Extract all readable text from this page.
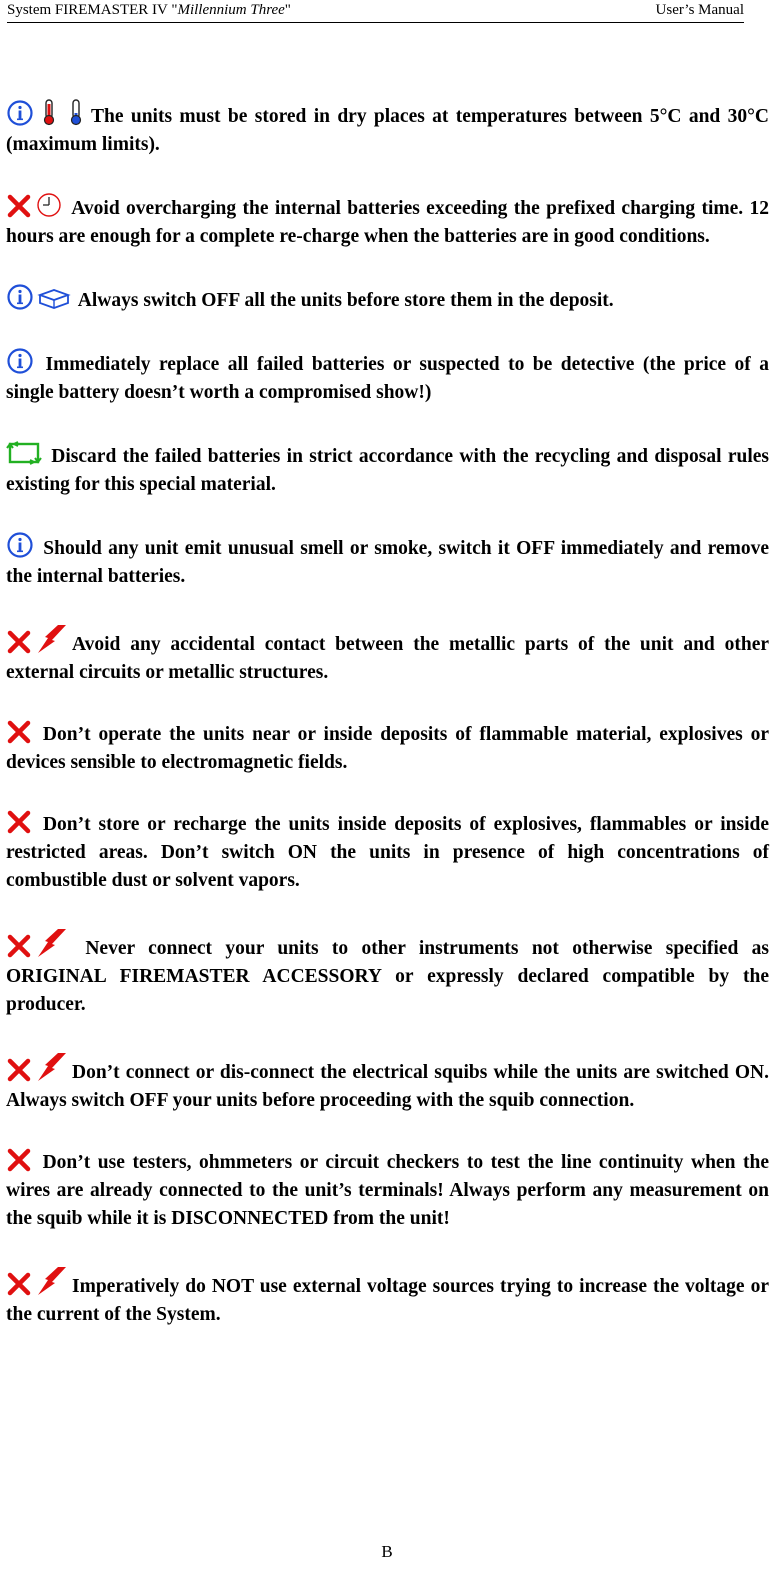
System FIREMASTER IV "Millennium Three"	User’s Manual

The units must be stored in dry places at temperatures between 5°C and 30°C (maximum limits).

Avoid overcharging the internal batteries exceeding the prefixed charging time. 12 hours are enough for a complete re-charge when the batteries are in good conditions.

Always switch OFF all the units before store them in the deposit.

Immediately replace all failed batteries or suspected to be detective (the price of a single battery doesn’t worth a compromised show!)

Discard the failed batteries in strict accordance with the recycling and disposal rules existing for this special material.

Should any unit emit unusual smell or smoke, switch it OFF immediately and remove the internal batteries.

Avoid any accidental contact between the metallic parts of the unit and other external circuits or metallic structures.

Don’t operate the units near or inside deposits of flammable material, explosives or devices sensible to electromagnetic fields.

Don’t store or recharge the units inside deposits of explosives, flammables or inside restricted areas. Don’t switch ON the units in presence of high concentrations of combustible dust or solvent vapors.

Never connect your units to other instruments not otherwise specified as ORIGINAL FIREMASTER ACCESSORY or expressly declared compatible by the producer.

Don’t connect or dis-connect the electrical squibs while the units are switched ON. Always switch OFF your units before proceeding with the squib connection.

Don’t use testers, ohmmeters or circuit checkers to test the line continuity when the wires are already connected to the unit’s terminals! Always perform any measurement on the squib while it is DISCONNECTED from the unit!

Imperatively do NOT use external voltage sources trying to increase the voltage or the current of the System.

B
